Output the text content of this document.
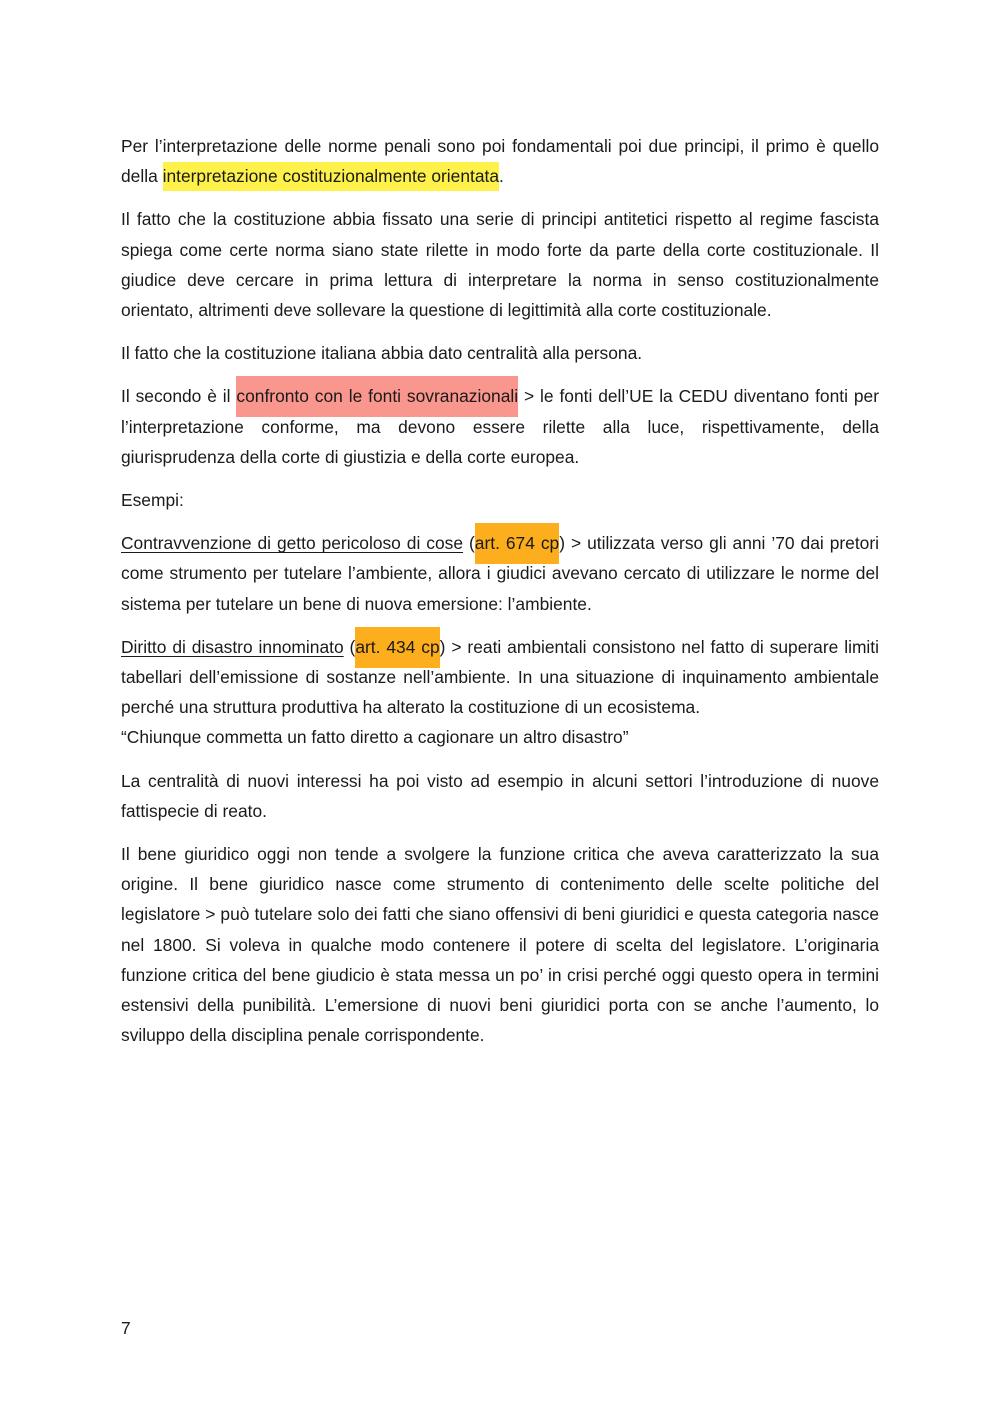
Per l’interpretazione delle norme penali sono poi fondamentali poi due principi, il primo è quello della interpretazione costituzionalmente orientata.

Il fatto che la costituzione abbia fissato una serie di principi antitetici rispetto al regime fascista spiega come certe norma siano state rilette in modo forte da parte della corte costituzionale. Il giudice deve cercare in prima lettura di interpretare la norma in senso costituzionalmente orientato, altrimenti deve sollevare la questione di legittimità alla corte costituzionale.

Il fatto che la costituzione italiana abbia dato centralità alla persona.

Il secondo è il confronto con le fonti sovranazionali > le fonti dell’UE la CEDU diventano fonti per l’interpretazione conforme, ma devono essere rilette alla luce, rispettivamente, della giurisprudenza della corte di giustizia e della corte europea.

Esempi:

Contravvenzione di getto pericoloso di cose (art. 674 cp) > utilizzata verso gli anni ’70 dai pretori come strumento per tutelare l’ambiente, allora i giudici avevano cercato di utilizzare le norme del sistema per tutelare un bene di nuova emersione: l’ambiente.

Diritto di disastro innominato (art. 434 cp) > reati ambientali consistono nel fatto di superare limiti tabellari dell’emissione di sostanze nell’ambiente. In una situazione di inquinamento ambientale perché una struttura produttiva ha alterato la costituzione di un ecosistema.

“Chiunque commetta un fatto diretto a cagionare un altro disastro”

La centralità di nuovi interessi ha poi visto ad esempio in alcuni settori l’introduzione di nuove fattispecie di reato.

Il bene giuridico oggi non tende a svolgere la funzione critica che aveva caratterizzato la sua origine. Il bene giuridico nasce come strumento di contenimento delle scelte politiche del legislatore > può tutelare solo dei fatti che siano offensivi di beni giuridici e questa categoria nasce nel 1800. Si voleva in qualche modo contenere il potere di scelta del legislatore. L’originaria funzione critica del bene giudicio è stata messa un po’ in crisi perché oggi questo opera in termini estensivi della punibilità. L’emersione di nuovi beni giuridici porta con se anche l’aumento, lo sviluppo della disciplina penale corrispondente.

7
